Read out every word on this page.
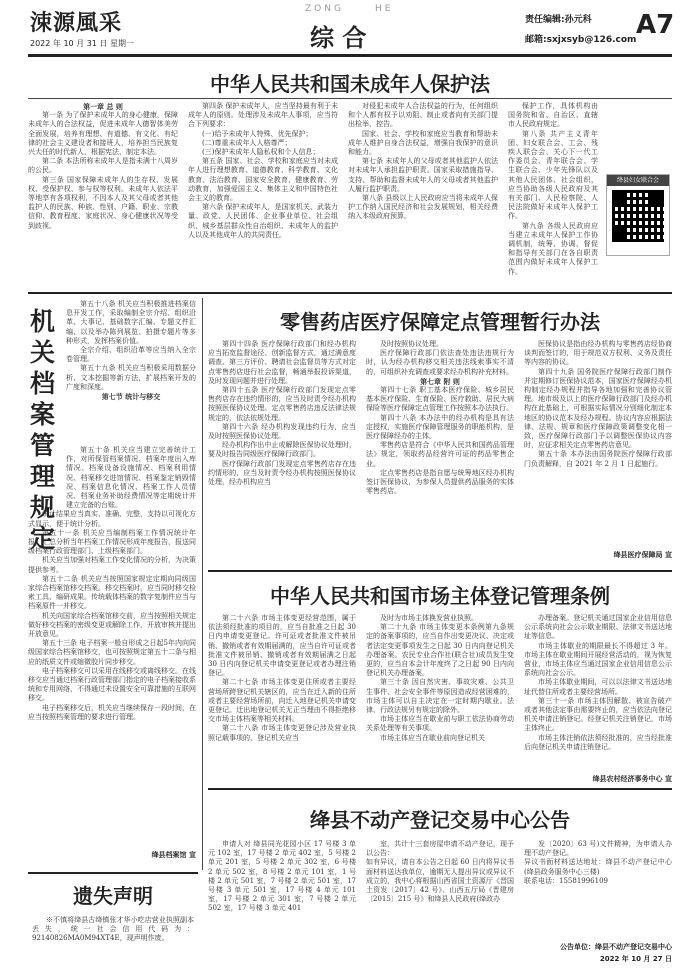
涑源風采
2022 年 10 月 31 日 星期一
ZONG	HE
综 合
责任编辑:孙元科
邮箱:sxjxsyb@126.com A7
中华人民共和国未成年人保护法

第一章 总 则

第一条 为了保护未成年人的身心健康，保障未成年人的合法权益，促进未成年人德智体美劳全面发展，培养有理想、有道德、有文化、有纪律的社会主义建设者和接班人，培养担当民族复兴大任的时代新人，根据宪法，制定本法。

第二条 本法所称未成年人是指未满十八周岁的公民。

第三条 国家保障未成年人的生存权、发展权、受保护权、参与权等权利。未成年人依法平等地享有各项权利，不因本人及其父母或者其他监护人的民族、种族、性别、户籍、职业、宗教信仰、教育程度、家庭状况、身心健康状况等受到歧视。

第四条 保护未成年人，应当坚持最有利于未成年人的原则。处理涉及未成年人事项，应当符合下列要求：

(一)给予未成年人特殊、优先保护；

(二)尊重未成年人人格尊严；

(三)保护未成年人隐私权和个人信息；

第五条 国家、社会、学校和家庭应当对未成年人进行理想教育、道德教育、科学教育、文化教育、法治教育、国家安全教育、健康教育、劳动教育，加强爱国主义、集体主义和中国特色社会主义的教育。

第六条 保护未成年人，是国家机关、武装力量、政党、人民团体、企业事业单位、社会组织、城乡基层群众性自治组织、未成年人的监护人以及其他成年人的共同责任。

对侵犯未成年人合法权益的行为，任何组织和个人都有权予以劝阻、制止或者向有关部门提出检举、控告。

国家、社会、学校和家庭应当教育和帮助未成年人维护自身合法权益，增强自我保护的意识和能力。

第七条 未成年人的父母或者其他监护人依法对未成年人承担监护职责。国家采取措施指导、支持、帮助和监督未成年人的父母或者其他监护人履行监护职责。

第八条 县级以上人民政府应当将未成年人保护工作纳入国民经济和社会发展规划，相关经费纳入本级政府预算。

保护工作，具体机构由国务院和省、自治区、直辖市人民政府规定。

第八条 共产主义青年团、妇女联合会、工会、残疾人联合会、关心下一代工作委员会、青年联合会、学生联合会、少年先锋队以及其他人民团体、社会组织，应当协助各级人民政府及其有关部门、人民检察院、人民法院做好未成年人保护工作。

第九条 各级人民政府应当建立未成年人保护工作协调机制，统筹、协调、督促和指导有关部门在各自职责范围内做好未成年人保护工作。

绛县妇女联合会
机关档案管理规定

第五十八条 机关应当积极推进档案信息开发工作，采取编制全宗介绍、组织沿革、大事记、基础数字汇编、专题文件汇编、以及举办陈列展览、拍摄专题片等多种形式，发挥档案价值。

全宗介绍、组织沿革等应当纳入全宗卷管理。

第五十九条 机关应当积极采用数据分析、文本挖掘等新方法，扩展档案开发的广度和深度。

第七节 统计与移交

第五十条 机关应当建立完善统计工作，对所保管档案情况、档案年度出入库情况、档案设备设施情况、档案利用情况、档案移交进馆情况、档案鉴定销毁情况、档案信息化情况、档案工作人员情况、档案业务补助经费情况等定期统计并建立完备的台账。

统计结果应当真实、准确、完整，支持以可视化方式显示，便于统计分析。

第五十一条 机关应当编制档案工作情况统计年报，汇总分析当年档案工作情况形成年度报告，报送同级档案行政管理部门、上级档案部门。

机关应当加强对档案工作变化情况的分析，为决策提供参考。

第五十二条 机关应当按照国家规定定期向同级国家综合档案馆移交档案。移交档案时，应当同时移交检索工具、编研成果。传统载体档案的数字复制件应当与档案原件一并移交。

机关向国家综合档案馆移交前，应当按照相关规定做好移交档案的密级变更或解除工作，开放审核并提出开放意见。

第五十三条 电子档案一般自形成之日起5年内向同级国家综合档案馆移交，也可按照规定第五十二条与相应的纸质文件或缩微胶片同步移交。

电子档案移交可以采用在线移交或离线移交。在线移交应当通过档案行政管理部门指定的电子档案接收系统和专用网络，不得通过未设置安全可靠措施的互联网移交。

电子档案移交后，机关应当继续保存一段时间，在应当按照档案管理的要求进行管理。

绛县档案馆 宣
零售药店医疗保障定点管理暂行办法

第四十四条 医疗保障行政部门和经办机构应当拓宽监督途径、创新监督方式，通过满意度调查、第三方评价、聘请社会监督员等方式对定点零售药店进行社会监督，畅通举报投诉渠道，及时发现问题并进行处理。

第四十五条 医疗保障行政部门发现定点零售药店存在违约情形的，应当及时责令经办机构按照医保协议处理。定点零售药店违反法律法规规定的，依法依规处理。

第四十六条 经办机构发现违约行为，应当及时按照医保协议处理。

经办机构作出中止或解除医保协议处理时，要及时报告同级医疗保障行政部门。

医疗保障行政部门发现定点零售药店存在违约情形的，应当及时责令经办机构按照医保协议处理，经办机构应当

及时按照协议处理。

医疗保障行政部门依法查处违法违规行为时，认为经办机构移交相关违法线索事实不清的，可组织补充调查或要求经办机构补充材料。

第七章 附 则

第四十七条 职工基本医疗保险、城乡居民基本医疗保险、生育保险、医疗救助、居民大病保险等医疗保障定点管理工作按照本办法执行。

第四十八条 本办法中的经办机构是具有法定授权，实施医疗保障管理服务的职能机构，是医疗保障经办的主体。

零售药店是符合《中华人民共和国药品管理法》规定，领取药品经营许可证的药品零售企业。

定点零售药店是指自愿与统筹地区经办机构签订医保协议，为参保人员提供药品服务的实体零售药店。

医保协议是指由经办机构与零售药店经协商谈判而签订的，用于规范双方权利、义务及责任等内容的协议。

第四十九条 国务院医疗保障行政部门制作并定期修订医保协议范本，国家医疗保障经办机构制定经办规程并指导各地加强和完善协议管理。地市级及以上的医疗保障行政部门及经办机构在此基础上，可根据实际情况分别细化制定本地区的协议范本及经办规程。协议内容应根据法律、法规、规章和医疗保障政策调整变化相一致，医疗保障行政部门予以调整医保协议内容时，应征求相关定点零售药店意见。

第五十条 本办法由国务院医疗保障行政部门负责解释，自 2021 年 2 月 1 日起施行。

绛县医疗保障局 宣
中华人民共和国市场主体登记管理条例

第二十六条 市场主体变更经营范围，属于依法须经批准的项目的，应当自批准之日起 30 日内申请变更登记。许可证或者批准文件被吊销、撤销或者有效期届满的，应当自许可证或者批准文件被吊销、撤销或者有效期届满之日起 30 日内向登记机关申请变更登记或者办理注销登记。

第二十七条 市场主体变更住所或者主要经营场所跨登记机关辖区的，应当在迁入新的住所或者主要经营场所前，向迁入地登记机关申请变更登记。迁出地登记机关无正当理由不得拒绝移交市场主体档案等相关材料。

第二十八条 市场主体变更登记涉及营业执照记载事项的，登记机关应当

及时为市场主体换发营业执照。

第二十九条 市场主体变更本条例第九条规定的备案事项的，应当自作出变更决议、决定或者法定变更事项发生之日起 30 日内向登记机关办理备案。农民专业合作社(联合社)成员发生变更的，应当自本会计年度终了之日起 90 日内向登记机关办理备案。

第三十条 因自然灾害、事故灾难、公共卫生事件、社会安全事件等原因造成经营困难的，市场主体可以自主决定在一定时期内歇业。法律、行政法规另有规定的除外。

市场主体应当在歇业前与职工依法协商劳动关系处理等有关事项。

市场主体应当在歇业前向登记机关

办理备案。登记机关通过国家企业信用信息公示系统向社会公示歇业期限、法律文书送达地址等信息。

市场主体歇业的期限最长不得超过 3 年。市场主体在歇业期间开展经营活动的，视为恢复营业，市场主体应当通过国家企业信用信息公示系统向社会公示。

市场主体歇业期间，可以以法律文书送达地址代替住所或者主要经营场所。

第三十一条 市场主体因解散、被宣告破产或者其他法定事由需要终止的，应当依法向登记机关申请注销登记。经登记机关注销登记，市场主体终止。

市场主体注销依法须经批准的，应当经批准后向登记机关申请注销登记。

绛县农村经济事务中心 宣
绛县不动产登记交易中心公告

申请人对 绛县同光花园小区 17 号楼 3 单元 102 室，17 号楼 2 单元 402 室，5 号楼 2 单元 201 室，5 号楼 2 单元 302 室，6 号楼 2 单元 502 室，8 号楼 2 单元 101 室，1 号楼 2 单元 501 室，7 号楼 2 单元 501 室，17 号楼 3 单元 501 室，17 号楼 4 单元 101 室，17 号楼 2 单元 301 室，7 号楼 2 单元 502 室，17 号楼 3 单元 401

室，共计十三套房屋申请不动产登记，现予以公告：
如有异议，请自本公告之日起 60 日内将异议书面材料送达我单位，逾期无人提出异议或异议不成立的，我中心将根据山西省国土资源厅《晋国土资发〔2017〕42 号》、山西五厅局《晋建房〔2015〕215 号》和绛县人民政府(绛政办

发〔2020〕63 号)文件精神，为申请人办理不动产登记。
异议书面材料送达地址：绛县不动产登记中心(绛县政务服务中心三楼)
联系电话：15581996109

公告单位：绛县不动产登记交易中心
2022 年 10 月 27 日
遗失声明

※不慎将绛县古绛镇张才华小吃店营业执照副本丢失，统一社会信用代码为：92140826MA0M94XT4E，现声明作废。
